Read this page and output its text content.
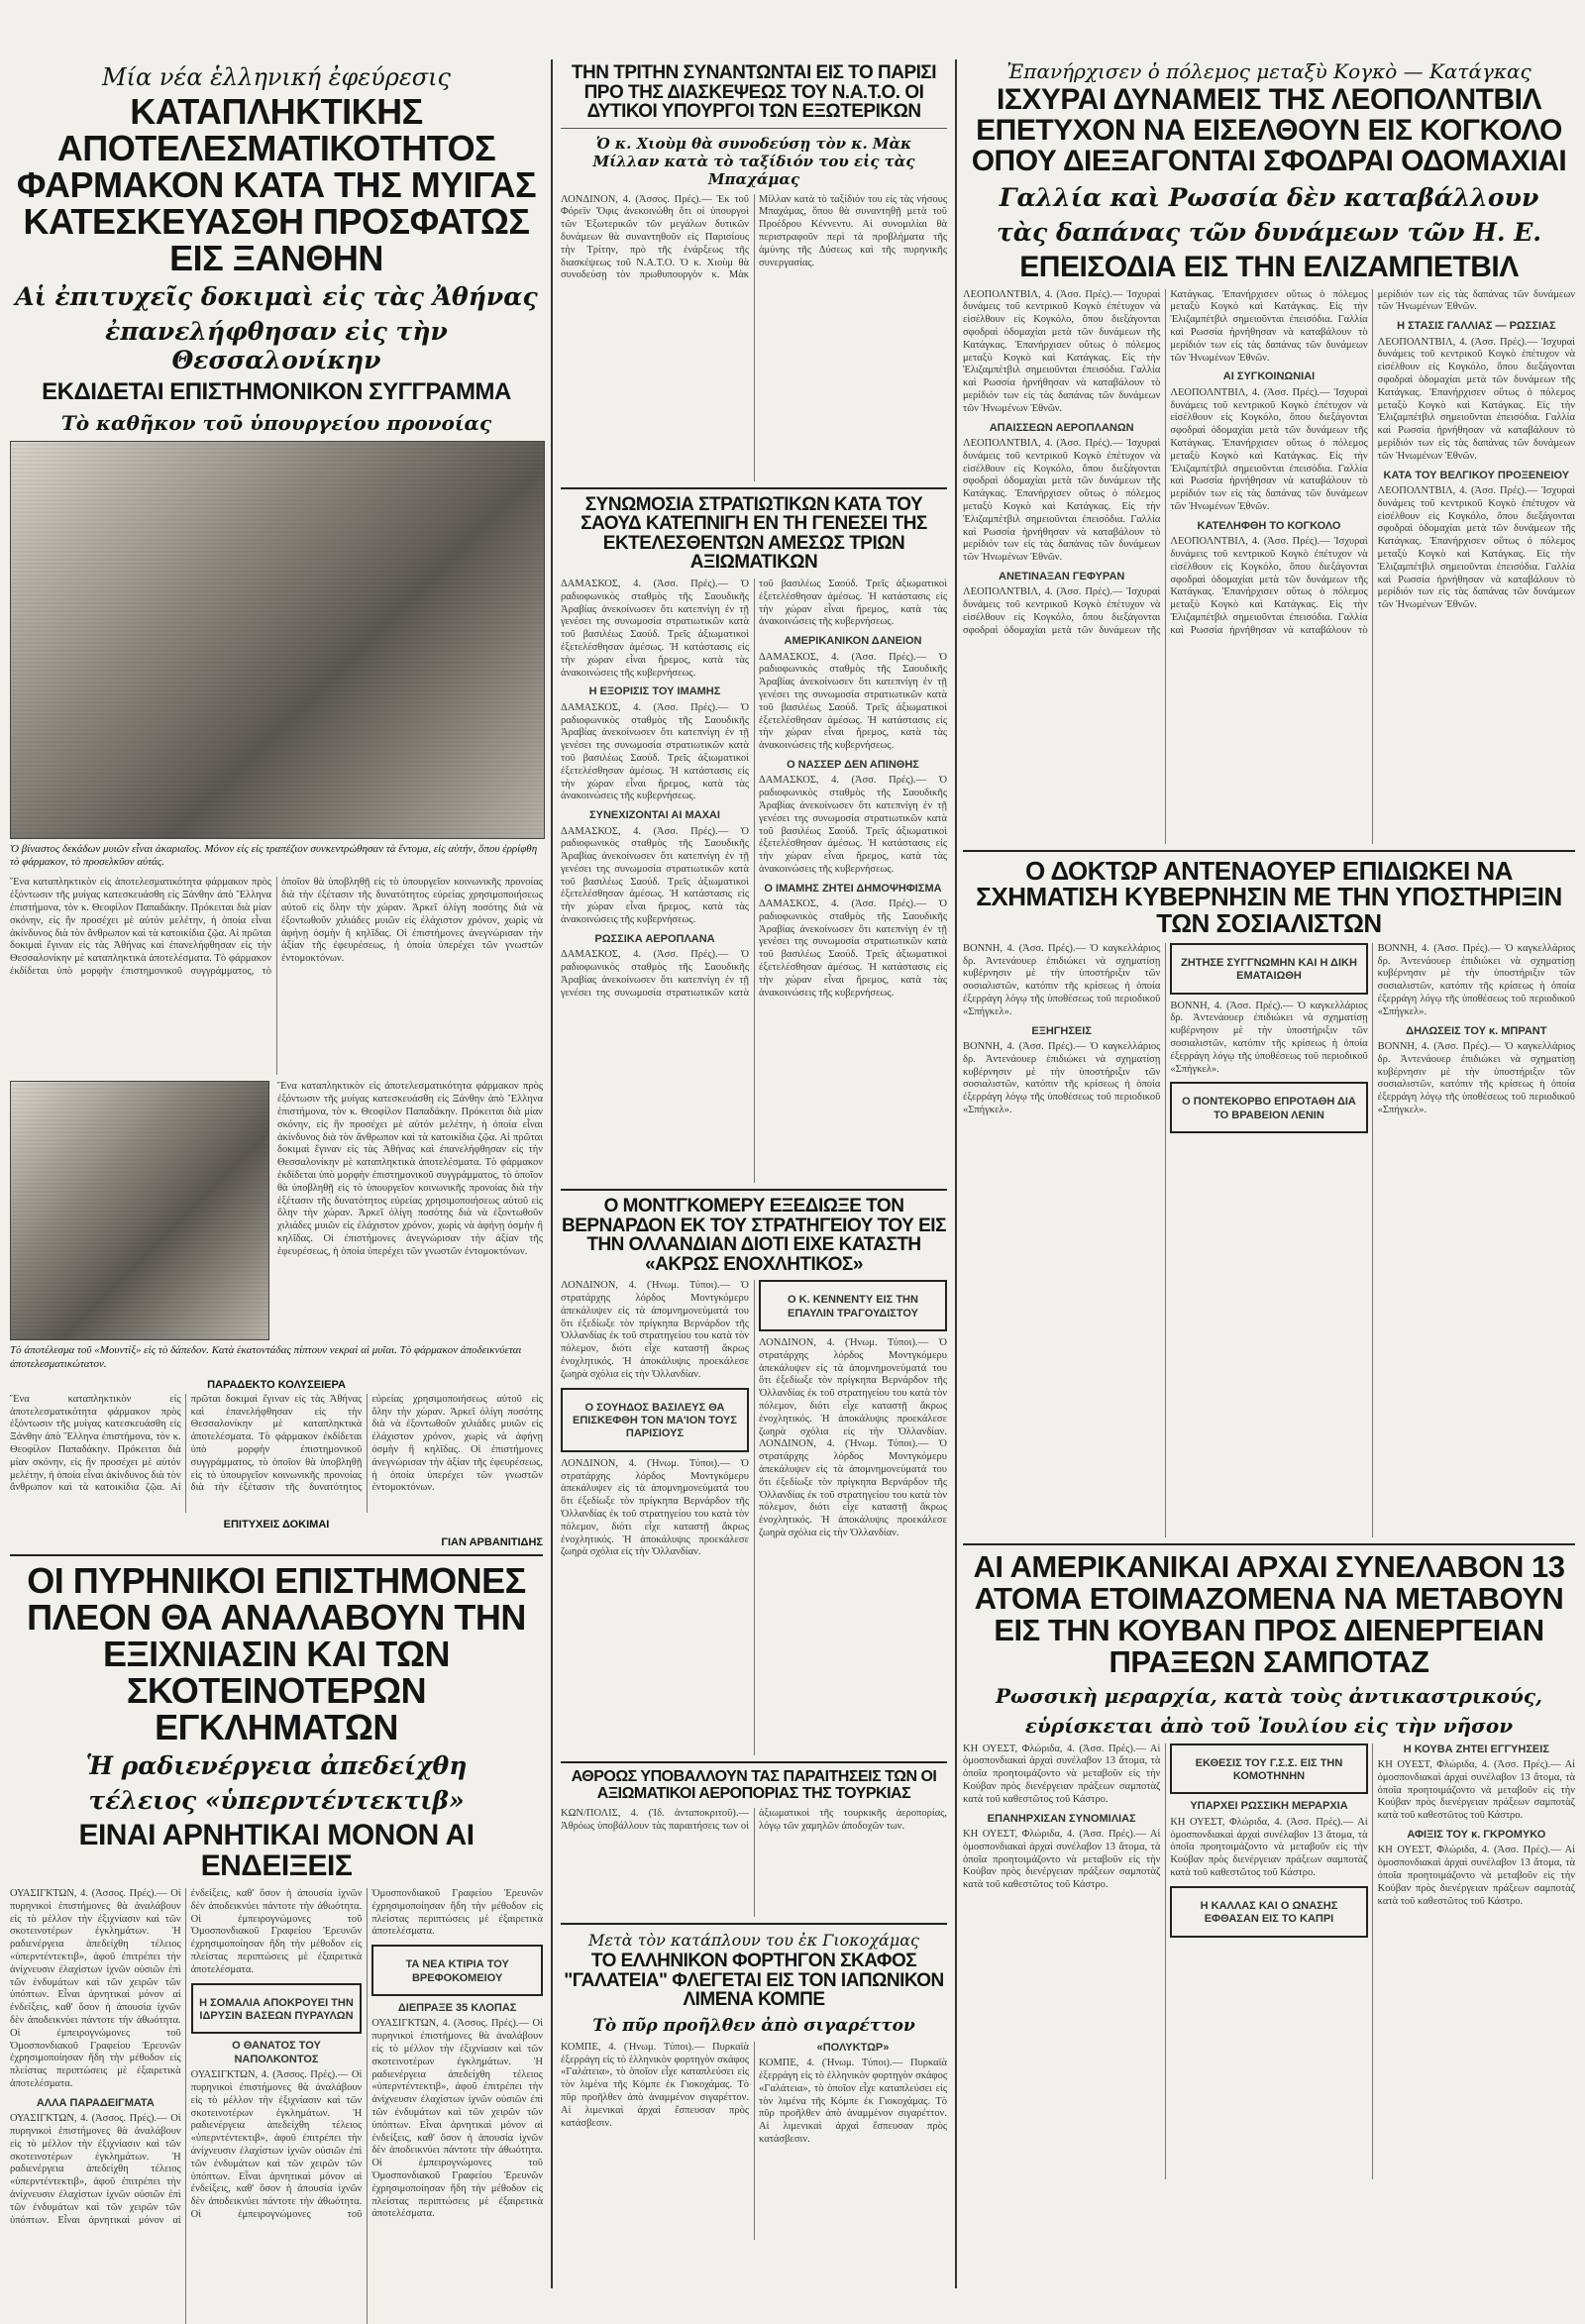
Μία νέα ἑλληνική ἐφεύρεσις
ΚΑΤΑΠΛΗΚΤΙΚΗΣ ΑΠΟΤΕΛΕΣΜΑΤΙΚΟΤΗΤΟΣ ΦΑΡΜΑΚΟΝ ΚΑΤΑ ΤΗΣ ΜΥΙΓΑΣ ΚΑΤΕΣΚΕΥΑΣΘΗ ΠΡΟΣΦΑΤΩΣ ΕΙΣ ΞΑΝΘΗΝ
Αἱ ἐπιτυχεῖς δοκιμαὶ εἰς τὰς Ἀθήνας
ἐπανελήφθησαν εἰς τὴν Θεσσαλονίκην
ΕΚΔΙΔΕΤΑΙ ΕΠΙΣΤΗΜΟΝΙΚΟΝ ΣΥΓΓΡΑΜΜΑ
Τὸ καθῆκον τοῦ ὑπουργείου προνοίας
Ὁ βίναστος δεκάδων μυιῶν εἶναι ἀκαριαῖος. Μόνον εἰς εἰς τραπέζιον συνκεντρώθησαν τὰ ἔντομα, εἰς αὐτήν, ὅπου ἐρρίφθη τὸ φάρμακον, τὸ προσελκῦον αὐτάς.
Ἕνα καταπληκτικὸν εἰς ἀποτελεσματικότητα φάρμακον πρὸς ἐξόντωσιν τῆς μυίγας κατεσκευάσθη εἰς Ξάνθην ἀπὸ Ἕλληνα ἐπιστήμονα, τὸν κ. Θεοφίλον Παπαδάκην. Πρόκειται διὰ μίαν σκόνην, εἰς ἣν προσέχει μὲ αὐτόν μελέτην, ἡ ὁποία εἶναι ἀκίνδυνος διὰ τὸν ἄνθρωπον καὶ τὰ κατοικίδια ζῷα. Αἱ πρῶται δοκιμαὶ ἔγιναν εἰς τὰς Ἀθήνας καὶ ἐπανελήφθησαν εἰς τὴν Θεσσαλονίκην μὲ καταπληκτικὰ ἀποτελέσματα. Τὸ φάρμακον ἐκδίδεται ὑπὸ μορφὴν ἐπιστημονικοῦ συγγράμματος, τὸ ὁποῖον θὰ ὑποβληθῇ εἰς τὸ ὑπουργεῖον κοινωνικῆς προνοίας διὰ τὴν ἐξέτασιν τῆς δυνατότητος εὐρείας χρησιμοποιήσεως αὐτοῦ εἰς ὅλην τὴν χώραν. Ἀρκεῖ ὀλίγη ποσότης διὰ νὰ ἐξοντωθοῦν χιλιάδες μυιῶν εἰς ἐλάχιστον χρόνον, χωρὶς νὰ ἀφήνῃ ὀσμὴν ἢ κηλῖδας. Οἱ ἐπιστήμονες ἀνεγνώρισαν τὴν ἀξίαν τῆς ἐφευρέσεως, ἡ ὁποία ὑπερέχει τῶν γνωστῶν ἐντομοκτόνων.
Ἕνα καταπληκτικὸν εἰς ἀποτελεσματικότητα φάρμακον πρὸς ἐξόντωσιν τῆς μυίγας κατεσκευάσθη εἰς Ξάνθην ἀπὸ Ἕλληνα ἐπιστήμονα, τὸν κ. Θεοφίλον Παπαδάκην. Πρόκειται διὰ μίαν σκόνην, εἰς ἣν προσέχει μὲ αὐτόν μελέτην, ἡ ὁποία εἶναι ἀκίνδυνος διὰ τὸν ἄνθρωπον καὶ τὰ κατοικίδια ζῷα. Αἱ πρῶται δοκιμαὶ ἔγιναν εἰς τὰς Ἀθήνας καὶ ἐπανελήφθησαν εἰς τὴν Θεσσαλονίκην μὲ καταπληκτικὰ ἀποτελέσματα. Τὸ φάρμακον ἐκδίδεται ὑπὸ μορφὴν ἐπιστημονικοῦ συγγράμματος, τὸ ὁποῖον θὰ ὑποβληθῇ εἰς τὸ ὑπουργεῖον κοινωνικῆς προνοίας διὰ τὴν ἐξέτασιν τῆς δυνατότητος εὐρείας χρησιμοποιήσεως αὐτοῦ εἰς ὅλην τὴν χώραν. Ἀρκεῖ ὀλίγη ποσότης διὰ νὰ ἐξοντωθοῦν χιλιάδες μυιῶν εἰς ἐλάχιστον χρόνον, χωρὶς νὰ ἀφήνῃ ὀσμὴν ἢ κηλῖδας. Οἱ ἐπιστήμονες ἀνεγνώρισαν τὴν ἀξίαν τῆς ἐφευρέσεως, ἡ ὁποία ὑπερέχει τῶν γνωστῶν ἐντομοκτόνων.
Τὸ ἀποτέλεσμα τοῦ «Μουντίξ» εἰς τὸ δάπεδον. Κατὰ ἑκατοντάδας πίπτουν νεκραὶ αἱ μυῖαι. Τὸ φάρμακον ἀποδεικνύεται ἀποτελεσματικώτατον.
ΠΑΡΑΔΕΚΤΟ ΚΟΛΥΣΕΙΕΡΑ
Ἕνα καταπληκτικὸν εἰς ἀποτελεσματικότητα φάρμακον πρὸς ἐξόντωσιν τῆς μυίγας κατεσκευάσθη εἰς Ξάνθην ἀπὸ Ἕλληνα ἐπιστήμονα, τὸν κ. Θεοφίλον Παπαδάκην. Πρόκειται διὰ μίαν σκόνην, εἰς ἣν προσέχει μὲ αὐτόν μελέτην, ἡ ὁποία εἶναι ἀκίνδυνος διὰ τὸν ἄνθρωπον καὶ τὰ κατοικίδια ζῷα. Αἱ πρῶται δοκιμαὶ ἔγιναν εἰς τὰς Ἀθήνας καὶ ἐπανελήφθησαν εἰς τὴν Θεσσαλονίκην μὲ καταπληκτικὰ ἀποτελέσματα. Τὸ φάρμακον ἐκδίδεται ὑπὸ μορφὴν ἐπιστημονικοῦ συγγράμματος, τὸ ὁποῖον θὰ ὑποβληθῇ εἰς τὸ ὑπουργεῖον κοινωνικῆς προνοίας διὰ τὴν ἐξέτασιν τῆς δυνατότητος εὐρείας χρησιμοποιήσεως αὐτοῦ εἰς ὅλην τὴν χώραν. Ἀρκεῖ ὀλίγη ποσότης διὰ νὰ ἐξοντωθοῦν χιλιάδες μυιῶν εἰς ἐλάχιστον χρόνον, χωρὶς νὰ ἀφήνῃ ὀσμὴν ἢ κηλῖδας. Οἱ ἐπιστήμονες ἀνεγνώρισαν τὴν ἀξίαν τῆς ἐφευρέσεως, ἡ ὁποία ὑπερέχει τῶν γνωστῶν ἐντομοκτόνων.
ΕΠΙΤΥΧΕΙΣ ΔΟΚΙΜΑΙ
ΓΙΑΝ ΑΡΒΑΝΙΤΙΔΗΣ
ΟΙ ΠΥΡΗΝΙΚΟΙ ΕΠΙΣΤΗΜΟΝΕΣ ΠΛΕΟΝ ΘΑ ΑΝΑΛΑΒΟΥΝ ΤΗΝ ΕΞΙΧΝΙΑΣΙΝ ΚΑΙ ΤΩΝ ΣΚΟΤΕΙΝΟΤΕΡΩΝ ΕΓΚΛΗΜΑΤΩΝ
Ἡ ραδιενέργεια ἀπεδείχθη
τέλειος «ὑπερντέντεκτιβ»
ΕΙΝΑΙ ΑΡΝΗΤΙΚΑΙ ΜΟΝΟΝ ΑΙ ΕΝΔΕΙΞΕΙΣ
ΟΥΑΣΙΓΚΤΩΝ, 4. (Ἀσσος. Πρές).— Οἱ πυρηνικοὶ ἐπιστήμονες θὰ ἀναλάβουν εἰς τὸ μέλλον τὴν ἐξιχνίασιν καὶ τῶν σκοτεινοτέρων ἐγκλημάτων. Ἡ ραδιενέργεια ἀπεδείχθη τέλειος «ὑπερντέντεκτιβ», ἀφοῦ ἐπιτρέπει τὴν ἀνίχνευσιν ἐλαχίστων ἰχνῶν οὐσιῶν ἐπὶ τῶν ἐνδυμάτων καὶ τῶν χειρῶν τῶν ὑπόπτων. Εἶναι ἀρνητικαὶ μόνον αἱ ἐνδείξεις, καθ' ὅσον ἡ ἀπουσία ἰχνῶν δὲν ἀποδεικνύει πάντοτε τὴν ἀθωότητα. Οἱ ἐμπειρογνώμονες τοῦ Ὁμοσπονδιακοῦ Γραφείου Ἐρευνῶν ἐχρησιμοποίησαν ἤδη τὴν μέθοδον εἰς πλείστας περιπτώσεις μὲ ἐξαιρετικὰ ἀποτελέσματα.
ΑΛΛΑ ΠΑΡΑΔΕΙΓΜΑΤΑ
ΟΥΑΣΙΓΚΤΩΝ, 4. (Ἀσσος. Πρές).— Οἱ πυρηνικοὶ ἐπιστήμονες θὰ ἀναλάβουν εἰς τὸ μέλλον τὴν ἐξιχνίασιν καὶ τῶν σκοτεινοτέρων ἐγκλημάτων. Ἡ ραδιενέργεια ἀπεδείχθη τέλειος «ὑπερντέντεκτιβ», ἀφοῦ ἐπιτρέπει τὴν ἀνίχνευσιν ἐλαχίστων ἰχνῶν οὐσιῶν ἐπὶ τῶν ἐνδυμάτων καὶ τῶν χειρῶν τῶν ὑπόπτων. Εἶναι ἀρνητικαὶ μόνον αἱ ἐνδείξεις, καθ' ὅσον ἡ ἀπουσία ἰχνῶν δὲν ἀποδεικνύει πάντοτε τὴν ἀθωότητα. Οἱ ἐμπειρογνώμονες τοῦ Ὁμοσπονδιακοῦ Γραφείου Ἐρευνῶν ἐχρησιμοποίησαν ἤδη τὴν μέθοδον εἰς πλείστας περιπτώσεις μὲ ἐξαιρετικὰ ἀποτελέσματα.
Η ΣΟΜΑΛΙΑ ΑΠΟΚΡΟΥΕΙ ΤΗΝ ΙΔΡΥΣΙΝ ΒΑΣΕΩΝ ΠΥΡΑΥΛΩΝ
Ο ΘΑΝΑΤΟΣ ΤΟΥ ΝΑΠΟΛΚΟΝΤΟΣ
ΟΥΑΣΙΓΚΤΩΝ, 4. (Ἀσσος. Πρές).— Οἱ πυρηνικοὶ ἐπιστήμονες θὰ ἀναλάβουν εἰς τὸ μέλλον τὴν ἐξιχνίασιν καὶ τῶν σκοτεινοτέρων ἐγκλημάτων. Ἡ ραδιενέργεια ἀπεδείχθη τέλειος «ὑπερντέντεκτιβ», ἀφοῦ ἐπιτρέπει τὴν ἀνίχνευσιν ἐλαχίστων ἰχνῶν οὐσιῶν ἐπὶ τῶν ἐνδυμάτων καὶ τῶν χειρῶν τῶν ὑπόπτων. Εἶναι ἀρνητικαὶ μόνον αἱ ἐνδείξεις, καθ' ὅσον ἡ ἀπουσία ἰχνῶν δὲν ἀποδεικνύει πάντοτε τὴν ἀθωότητα. Οἱ ἐμπειρογνώμονες τοῦ Ὁμοσπονδιακοῦ Γραφείου Ἐρευνῶν ἐχρησιμοποίησαν ἤδη τὴν μέθοδον εἰς πλείστας περιπτώσεις μὲ ἐξαιρετικὰ ἀποτελέσματα.
ΤΑ ΝΕΑ ΚΤΙΡΙΑ ΤΟΥ ΒΡΕΦΟΚΟΜΕΙΟΥ
ΔΙΕΠΡΑΞΕ 35 ΚΛΟΠΑΣ
ΟΥΑΣΙΓΚΤΩΝ, 4. (Ἀσσος. Πρές).— Οἱ πυρηνικοὶ ἐπιστήμονες θὰ ἀναλάβουν εἰς τὸ μέλλον τὴν ἐξιχνίασιν καὶ τῶν σκοτεινοτέρων ἐγκλημάτων. Ἡ ραδιενέργεια ἀπεδείχθη τέλειος «ὑπερντέντεκτιβ», ἀφοῦ ἐπιτρέπει τὴν ἀνίχνευσιν ἐλαχίστων ἰχνῶν οὐσιῶν ἐπὶ τῶν ἐνδυμάτων καὶ τῶν χειρῶν τῶν ὑπόπτων. Εἶναι ἀρνητικαὶ μόνον αἱ ἐνδείξεις, καθ' ὅσον ἡ ἀπουσία ἰχνῶν δὲν ἀποδεικνύει πάντοτε τὴν ἀθωότητα. Οἱ ἐμπειρογνώμονες τοῦ Ὁμοσπονδιακοῦ Γραφείου Ἐρευνῶν ἐχρησιμοποίησαν ἤδη τὴν μέθοδον εἰς πλείστας περιπτώσεις μὲ ἐξαιρετικὰ ἀποτελέσματα.
ΤΗΝ ΤΡΙΤΗΝ ΣΥΝΑΝΤΩΝΤΑΙ ΕΙΣ ΤΟ ΠΑΡΙΣΙ ΠΡΟ ΤΗΣ ΔΙΑΣΚΕΨΕΩΣ ΤΟΥ Ν.Α.Τ.Ο. ΟΙ ΔΥΤΙΚΟΙ ΥΠΟΥΡΓΟΙ ΤΩΝ ΕΞΩΤΕΡΙΚΩΝ
Ὁ κ. Χιοὺμ θὰ συνοδεύσῃ τὸν κ. Μὰκ Μίλλαν κατὰ τὸ ταξίδιόν του εἰς τὰς Μπαχάμας
ΛΟΝΔΙΝΟΝ, 4. (Ἀσσος. Πρές).— Ἐκ τοῦ Φόρεϊν Ὄφις ἀνεκοινώθη ὅτι οἱ ὑπουργοὶ τῶν Ἐξωτερικῶν τῶν μεγάλων δυτικῶν δυνάμεων θὰ συναντηθοῦν εἰς Παρισίους τὴν Τρίτην, πρὸ τῆς ἐνάρξεως τῆς διασκέψεως τοῦ Ν.Α.Τ.Ο. Ὁ κ. Χιοὺμ θὰ συνοδεύσῃ τὸν πρωθυπουργὸν κ. Μὰκ Μίλλαν κατὰ τὸ ταξίδιόν του εἰς τὰς νήσους Μπαχάμας, ὅπου θὰ συναντηθῇ μετὰ τοῦ Προέδρου Κέννεντυ. Αἱ συνομιλίαι θὰ περιστραφοῦν περὶ τὰ προβλήματα τῆς ἀμύνης τῆς Δύσεως καὶ τῆς πυρηνικῆς συνεργασίας.
ΣΥΝΩΜΟΣΙΑ ΣΤΡΑΤΙΩΤΙΚΩΝ ΚΑΤΑ ΤΟΥ ΣΑΟΥΔ ΚΑΤΕΠΝΙΓΗ ΕΝ ΤΗ ΓΕΝΕΣΕΙ ΤΗΣ ΕΚΤΕΛΕΣΘΕΝΤΩΝ ΑΜΕΣΩΣ ΤΡΙΩΝ ΑΞΙΩΜΑΤΙΚΩΝ
ΔΑΜΑΣΚΟΣ, 4. (Ἀσσ. Πρές).— Ὁ ραδιοφωνικὸς σταθμὸς τῆς Σαουδικῆς Ἀραβίας ἀνεκοίνωσεν ὅτι κατεπνίγη ἐν τῇ γενέσει της συνωμοσία στρατιωτικῶν κατὰ τοῦ βασιλέως Σαούδ. Τρεῖς ἀξιωματικοὶ ἐξετελέσθησαν ἀμέσως. Ἡ κατάστασις εἰς τὴν χώραν εἶναι ἤρεμος, κατὰ τὰς ἀνακοινώσεις τῆς κυβερνήσεως.
Η ΕΞΟΡΙΣΙΣ ΤΟΥ ΙΜΑΜΗΣ
ΔΑΜΑΣΚΟΣ, 4. (Ἀσσ. Πρές).— Ὁ ραδιοφωνικὸς σταθμὸς τῆς Σαουδικῆς Ἀραβίας ἀνεκοίνωσεν ὅτι κατεπνίγη ἐν τῇ γενέσει της συνωμοσία στρατιωτικῶν κατὰ τοῦ βασιλέως Σαούδ. Τρεῖς ἀξιωματικοὶ ἐξετελέσθησαν ἀμέσως. Ἡ κατάστασις εἰς τὴν χώραν εἶναι ἤρεμος, κατὰ τὰς ἀνακοινώσεις τῆς κυβερνήσεως.
ΣΥΝΕΧΙΖΟΝΤΑΙ ΑΙ ΜΑΧΑΙ
ΔΑΜΑΣΚΟΣ, 4. (Ἀσσ. Πρές).— Ὁ ραδιοφωνικὸς σταθμὸς τῆς Σαουδικῆς Ἀραβίας ἀνεκοίνωσεν ὅτι κατεπνίγη ἐν τῇ γενέσει της συνωμοσία στρατιωτικῶν κατὰ τοῦ βασιλέως Σαούδ. Τρεῖς ἀξιωματικοὶ ἐξετελέσθησαν ἀμέσως. Ἡ κατάστασις εἰς τὴν χώραν εἶναι ἤρεμος, κατὰ τὰς ἀνακοινώσεις τῆς κυβερνήσεως.
ΡΩΣΣΙΚΑ ΑΕΡΟΠΛΑΝΑ
ΔΑΜΑΣΚΟΣ, 4. (Ἀσσ. Πρές).— Ὁ ραδιοφωνικὸς σταθμὸς τῆς Σαουδικῆς Ἀραβίας ἀνεκοίνωσεν ὅτι κατεπνίγη ἐν τῇ γενέσει της συνωμοσία στρατιωτικῶν κατὰ τοῦ βασιλέως Σαούδ. Τρεῖς ἀξιωματικοὶ ἐξετελέσθησαν ἀμέσως. Ἡ κατάστασις εἰς τὴν χώραν εἶναι ἤρεμος, κατὰ τὰς ἀνακοινώσεις τῆς κυβερνήσεως.
ΑΜΕΡΙΚΑΝΙΚΟΝ ΔΑΝΕΙΟΝ
ΔΑΜΑΣΚΟΣ, 4. (Ἀσσ. Πρές).— Ὁ ραδιοφωνικὸς σταθμὸς τῆς Σαουδικῆς Ἀραβίας ἀνεκοίνωσεν ὅτι κατεπνίγη ἐν τῇ γενέσει της συνωμοσία στρατιωτικῶν κατὰ τοῦ βασιλέως Σαούδ. Τρεῖς ἀξιωματικοὶ ἐξετελέσθησαν ἀμέσως. Ἡ κατάστασις εἰς τὴν χώραν εἶναι ἤρεμος, κατὰ τὰς ἀνακοινώσεις τῆς κυβερνήσεως.
Ο ΝΑΣΣΕΡ ΔΕΝ ΑΠΙΝΘΗΣ
ΔΑΜΑΣΚΟΣ, 4. (Ἀσσ. Πρές).— Ὁ ραδιοφωνικὸς σταθμὸς τῆς Σαουδικῆς Ἀραβίας ἀνεκοίνωσεν ὅτι κατεπνίγη ἐν τῇ γενέσει της συνωμοσία στρατιωτικῶν κατὰ τοῦ βασιλέως Σαούδ. Τρεῖς ἀξιωματικοὶ ἐξετελέσθησαν ἀμέσως. Ἡ κατάστασις εἰς τὴν χώραν εἶναι ἤρεμος, κατὰ τὰς ἀνακοινώσεις τῆς κυβερνήσεως.
Ο ΙΜΑΜΗΣ ΖΗΤΕΙ ΔΗΜΟΨΗΦΙΣΜΑ
ΔΑΜΑΣΚΟΣ, 4. (Ἀσσ. Πρές).— Ὁ ραδιοφωνικὸς σταθμὸς τῆς Σαουδικῆς Ἀραβίας ἀνεκοίνωσεν ὅτι κατεπνίγη ἐν τῇ γενέσει της συνωμοσία στρατιωτικῶν κατὰ τοῦ βασιλέως Σαούδ. Τρεῖς ἀξιωματικοὶ ἐξετελέσθησαν ἀμέσως. Ἡ κατάστασις εἰς τὴν χώραν εἶναι ἤρεμος, κατὰ τὰς ἀνακοινώσεις τῆς κυβερνήσεως.
Ο ΜΟΝΤΓΚΟΜΕΡΥ ΕΞΕΔΙΩΞΕ ΤΟΝ ΒΕΡΝΑΡΔΟΝ ΕΚ ΤΟΥ ΣΤΡΑΤΗΓΕΙΟΥ ΤΟΥ ΕΙΣ ΤΗΝ ΟΛΛΑΝΔΙΑΝ ΔΙΟΤΙ ΕΙΧΕ ΚΑΤΑΣΤΗ «ΑΚΡΩΣ ΕΝΟΧΛΗΤΙΚΟΣ»
ΛΟΝΔΙΝΟΝ, 4. (Ἠνωμ. Τύποι).— Ὁ στρατάρχης λόρδος Μοντγκόμερυ ἀπεκάλυψεν εἰς τὰ ἀπομνημονεύματά του ὅτι ἐξεδίωξε τὸν πρίγκηπα Βερνάρδον τῆς Ὀλλανδίας ἐκ τοῦ στρατηγείου του κατὰ τὸν πόλεμον, διότι εἶχε καταστῇ ἄκρως ἐνοχλητικός. Ἡ ἀποκάλυψις προεκάλεσε ζωηρὰ σχόλια εἰς τὴν Ὀλλανδίαν.
Ο ΣΟΥΗΔΟΣ ΒΑΣΙΛΕΥΣ ΘΑ ΕΠΙΣΚΕΦΘΗ ΤΟΝ ΜΑ'ΙΟΝ ΤΟΥΣ ΠΑΡΙΣΙΟΥΣ
ΛΟΝΔΙΝΟΝ, 4. (Ἠνωμ. Τύποι).— Ὁ στρατάρχης λόρδος Μοντγκόμερυ ἀπεκάλυψεν εἰς τὰ ἀπομνημονεύματά του ὅτι ἐξεδίωξε τὸν πρίγκηπα Βερνάρδον τῆς Ὀλλανδίας ἐκ τοῦ στρατηγείου του κατὰ τὸν πόλεμον, διότι εἶχε καταστῇ ἄκρως ἐνοχλητικός. Ἡ ἀποκάλυψις προεκάλεσε ζωηρὰ σχόλια εἰς τὴν Ὀλλανδίαν.
Ο Κ. ΚΕΝΝΕΝΤΥ ΕΙΣ ΤΗΝ ΕΠΑΥΛΙΝ ΤΡΑΓΟΥΔΙΣΤΟΥ
ΛΟΝΔΙΝΟΝ, 4. (Ἠνωμ. Τύποι).— Ὁ στρατάρχης λόρδος Μοντγκόμερυ ἀπεκάλυψεν εἰς τὰ ἀπομνημονεύματά του ὅτι ἐξεδίωξε τὸν πρίγκηπα Βερνάρδον τῆς Ὀλλανδίας ἐκ τοῦ στρατηγείου του κατὰ τὸν πόλεμον, διότι εἶχε καταστῇ ἄκρως ἐνοχλητικός. Ἡ ἀποκάλυψις προεκάλεσε ζωηρὰ σχόλια εἰς τὴν Ὀλλανδίαν. ΛΟΝΔΙΝΟΝ, 4. (Ἠνωμ. Τύποι).— Ὁ στρατάρχης λόρδος Μοντγκόμερυ ἀπεκάλυψεν εἰς τὰ ἀπομνημονεύματά του ὅτι ἐξεδίωξε τὸν πρίγκηπα Βερνάρδον τῆς Ὀλλανδίας ἐκ τοῦ στρατηγείου του κατὰ τὸν πόλεμον, διότι εἶχε καταστῇ ἄκρως ἐνοχλητικός. Ἡ ἀποκάλυψις προεκάλεσε ζωηρὰ σχόλια εἰς τὴν Ὀλλανδίαν.
ΑΘΡΟΩΣ ΥΠΟΒΑΛΛΟΥΝ ΤΑΣ ΠΑΡΑΙΤΗΣΕΙΣ ΤΩΝ ΟΙ ΑΞΙΩΜΑΤΙΚΟΙ ΑΕΡΟΠΟΡΙΑΣ ΤΗΣ ΤΟΥΡΚΙΑΣ
ΚΩΝ/ΠΟΛΙΣ, 4. (Ἰδ. ἀνταποκριτοῦ).— Ἀθρόως ὑποβάλλουν τὰς παραιτήσεις των οἱ ἀξιωματικοὶ τῆς τουρκικῆς ἀεροπορίας, λόγῳ τῶν χαμηλῶν ἀποδοχῶν των.
Μετὰ τὸν κατάπλουν του ἐκ Γιοκοχάμας
ΤΟ ΕΛΛΗΝΙΚΟΝ ΦΟΡΤΗΓΟΝ ΣΚΑΦΟΣ "ΓΑΛΑΤΕΙΑ" ΦΛΕΓΕΤΑΙ ΕΙΣ ΤΟΝ ΙΑΠΩΝΙΚΟΝ ΛΙΜΕΝΑ ΚΟΜΠΕ
Τὸ πῦρ προῆλθεν ἀπὸ σιγαρέττον
ΚΟΜΠΕ, 4. (Ἠνωμ. Τύποι).— Πυρκαϊὰ ἐξερράγη εἰς τὸ ἑλληνικὸν φορτηγὸν σκάφος «Γαλάτεια», τὸ ὁποῖον εἶχε καταπλεύσει εἰς τὸν λιμένα τῆς Κόμπε ἐκ Γιοκοχάμας. Τὸ πῦρ προῆλθεν ἀπὸ ἀναμμένον σιγαρέττον. Αἱ λιμενικαὶ ἀρχαὶ ἔσπευσαν πρὸς κατάσβεσιν.
«ΠΟΛΥΚΤΩΡ»
ΚΟΜΠΕ, 4. (Ἠνωμ. Τύποι).— Πυρκαϊὰ ἐξερράγη εἰς τὸ ἑλληνικὸν φορτηγὸν σκάφος «Γαλάτεια», τὸ ὁποῖον εἶχε καταπλεύσει εἰς τὸν λιμένα τῆς Κόμπε ἐκ Γιοκοχάμας. Τὸ πῦρ προῆλθεν ἀπὸ ἀναμμένον σιγαρέττον. Αἱ λιμενικαὶ ἀρχαὶ ἔσπευσαν πρὸς κατάσβεσιν.
Ἐπανήρχισεν ὁ πόλεμος μεταξὺ Κογκὸ — Κατάγκας
ΙΣΧΥΡΑΙ ΔΥΝΑΜΕΙΣ ΤΗΣ ΛΕΟΠΟΛΝΤΒΙΛ ΕΠΕΤΥΧΟΝ ΝΑ ΕΙΣΕΛΘΟΥΝ ΕΙΣ ΚΟΓΚΟΛΟ ΟΠΟΥ ΔΙΕΞΑΓΟΝΤΑΙ ΣΦΟΔΡΑΙ ΟΔΟΜΑΧΙΑΙ
Γαλλία καὶ Ρωσσία δὲν καταβάλλουν
τὰς δαπάνας τῶν δυνάμεων τῶν Η. Ε.
ΕΠΕΙΣΟΔΙΑ ΕΙΣ ΤΗΝ ΕΛΙΖΑΜΠΕΤΒΙΛ
ΛΕΟΠΟΛΝΤΒΙΛ, 4. (Ἀσσ. Πρές).— Ἰσχυραὶ δυνάμεις τοῦ κεντρικοῦ Κογκὸ ἐπέτυχον νὰ εἰσέλθουν εἰς Κογκόλο, ὅπου διεξάγονται σφοδραὶ ὁδομαχίαι μετὰ τῶν δυνάμεων τῆς Κατάγκας. Ἐπανήρχισεν οὕτως ὁ πόλεμος μεταξὺ Κογκὸ καὶ Κατάγκας. Εἰς τὴν Ἐλιζαμπέτβιλ σημειοῦνται ἐπεισόδια. Γαλλία καὶ Ρωσσία ἠρνήθησαν νὰ καταβάλουν τὸ μερίδιόν των εἰς τὰς δαπάνας τῶν δυνάμεων τῶν Ἡνωμένων Ἐθνῶν.
ΑΠΑΙΣΣΕΩΝ ΑΕΡΟΠΛΑΝΩΝ
ΛΕΟΠΟΛΝΤΒΙΛ, 4. (Ἀσσ. Πρές).— Ἰσχυραὶ δυνάμεις τοῦ κεντρικοῦ Κογκὸ ἐπέτυχον νὰ εἰσέλθουν εἰς Κογκόλο, ὅπου διεξάγονται σφοδραὶ ὁδομαχίαι μετὰ τῶν δυνάμεων τῆς Κατάγκας. Ἐπανήρχισεν οὕτως ὁ πόλεμος μεταξὺ Κογκὸ καὶ Κατάγκας. Εἰς τὴν Ἐλιζαμπέτβιλ σημειοῦνται ἐπεισόδια. Γαλλία καὶ Ρωσσία ἠρνήθησαν νὰ καταβάλουν τὸ μερίδιόν των εἰς τὰς δαπάνας τῶν δυνάμεων τῶν Ἡνωμένων Ἐθνῶν.
ΑΝΕΤΙΝΑΞΑΝ ΓΕΦΥΡΑΝ
ΛΕΟΠΟΛΝΤΒΙΛ, 4. (Ἀσσ. Πρές).— Ἰσχυραὶ δυνάμεις τοῦ κεντρικοῦ Κογκὸ ἐπέτυχον νὰ εἰσέλθουν εἰς Κογκόλο, ὅπου διεξάγονται σφοδραὶ ὁδομαχίαι μετὰ τῶν δυνάμεων τῆς Κατάγκας. Ἐπανήρχισεν οὕτως ὁ πόλεμος μεταξὺ Κογκὸ καὶ Κατάγκας. Εἰς τὴν Ἐλιζαμπέτβιλ σημειοῦνται ἐπεισόδια. Γαλλία καὶ Ρωσσία ἠρνήθησαν νὰ καταβάλουν τὸ μερίδιόν των εἰς τὰς δαπάνας τῶν δυνάμεων τῶν Ἡνωμένων Ἐθνῶν.
ΑΙ ΣΥΓΚΟΙΝΩΝΙΑΙ
ΛΕΟΠΟΛΝΤΒΙΛ, 4. (Ἀσσ. Πρές).— Ἰσχυραὶ δυνάμεις τοῦ κεντρικοῦ Κογκὸ ἐπέτυχον νὰ εἰσέλθουν εἰς Κογκόλο, ὅπου διεξάγονται σφοδραὶ ὁδομαχίαι μετὰ τῶν δυνάμεων τῆς Κατάγκας. Ἐπανήρχισεν οὕτως ὁ πόλεμος μεταξὺ Κογκὸ καὶ Κατάγκας. Εἰς τὴν Ἐλιζαμπέτβιλ σημειοῦνται ἐπεισόδια. Γαλλία καὶ Ρωσσία ἠρνήθησαν νὰ καταβάλουν τὸ μερίδιόν των εἰς τὰς δαπάνας τῶν δυνάμεων τῶν Ἡνωμένων Ἐθνῶν.
ΚΑΤΕΛΗΦΘΗ ΤΟ ΚΟΓΚΟΛΟ
ΛΕΟΠΟΛΝΤΒΙΛ, 4. (Ἀσσ. Πρές).— Ἰσχυραὶ δυνάμεις τοῦ κεντρικοῦ Κογκὸ ἐπέτυχον νὰ εἰσέλθουν εἰς Κογκόλο, ὅπου διεξάγονται σφοδραὶ ὁδομαχίαι μετὰ τῶν δυνάμεων τῆς Κατάγκας. Ἐπανήρχισεν οὕτως ὁ πόλεμος μεταξὺ Κογκὸ καὶ Κατάγκας. Εἰς τὴν Ἐλιζαμπέτβιλ σημειοῦνται ἐπεισόδια. Γαλλία καὶ Ρωσσία ἠρνήθησαν νὰ καταβάλουν τὸ μερίδιόν των εἰς τὰς δαπάνας τῶν δυνάμεων τῶν Ἡνωμένων Ἐθνῶν.
Η ΣΤΑΣΙΣ ΓΑΛΛΙΑΣ — ΡΩΣΣΙΑΣ
ΛΕΟΠΟΛΝΤΒΙΛ, 4. (Ἀσσ. Πρές).— Ἰσχυραὶ δυνάμεις τοῦ κεντρικοῦ Κογκὸ ἐπέτυχον νὰ εἰσέλθουν εἰς Κογκόλο, ὅπου διεξάγονται σφοδραὶ ὁδομαχίαι μετὰ τῶν δυνάμεων τῆς Κατάγκας. Ἐπανήρχισεν οὕτως ὁ πόλεμος μεταξὺ Κογκὸ καὶ Κατάγκας. Εἰς τὴν Ἐλιζαμπέτβιλ σημειοῦνται ἐπεισόδια. Γαλλία καὶ Ρωσσία ἠρνήθησαν νὰ καταβάλουν τὸ μερίδιόν των εἰς τὰς δαπάνας τῶν δυνάμεων τῶν Ἡνωμένων Ἐθνῶν.
ΚΑΤΑ ΤΟΥ ΒΕΛΓΙΚΟΥ ΠΡΟΞΕΝΕΙΟΥ
ΛΕΟΠΟΛΝΤΒΙΛ, 4. (Ἀσσ. Πρές).— Ἰσχυραὶ δυνάμεις τοῦ κεντρικοῦ Κογκὸ ἐπέτυχον νὰ εἰσέλθουν εἰς Κογκόλο, ὅπου διεξάγονται σφοδραὶ ὁδομαχίαι μετὰ τῶν δυνάμεων τῆς Κατάγκας. Ἐπανήρχισεν οὕτως ὁ πόλεμος μεταξὺ Κογκὸ καὶ Κατάγκας. Εἰς τὴν Ἐλιζαμπέτβιλ σημειοῦνται ἐπεισόδια. Γαλλία καὶ Ρωσσία ἠρνήθησαν νὰ καταβάλουν τὸ μερίδιόν των εἰς τὰς δαπάνας τῶν δυνάμεων τῶν Ἡνωμένων Ἐθνῶν.
Ο ΔΟΚΤΩΡ ΑΝΤΕΝΑΟΥΕΡ ΕΠΙΔΙΩΚΕΙ ΝΑ ΣΧΗΜΑΤΙΣΗ ΚΥΒΕΡΝΗΣΙΝ ΜΕ ΤΗΝ ΥΠΟΣΤΗΡΙΞΙΝ ΤΩΝ ΣΟΣΙΑΛΙΣΤΩΝ
ΒΟΝΝΗ, 4. (Ἀσσ. Πρές).— Ὁ καγκελλάριος δρ. Ἀντενάουερ ἐπιδιώκει νὰ σχηματίσῃ κυβέρνησιν μὲ τὴν ὑποστήριξιν τῶν σοσιαλιστῶν, κατόπιν τῆς κρίσεως ἡ ὁποία ἐξερράγη λόγῳ τῆς ὑποθέσεως τοῦ περιοδικοῦ «Σπήγκελ».
ΕΞΗΓΗΣΕΙΣ
ΒΟΝΝΗ, 4. (Ἀσσ. Πρές).— Ὁ καγκελλάριος δρ. Ἀντενάουερ ἐπιδιώκει νὰ σχηματίσῃ κυβέρνησιν μὲ τὴν ὑποστήριξιν τῶν σοσιαλιστῶν, κατόπιν τῆς κρίσεως ἡ ὁποία ἐξερράγη λόγῳ τῆς ὑποθέσεως τοῦ περιοδικοῦ «Σπήγκελ».
ΖΗΤΗΣΕ ΣΥΓΓΝΩΜΗΝ ΚΑΙ Η ΔΙΚΗ ΕΜΑΤΑΙΩΘΗ
ΒΟΝΝΗ, 4. (Ἀσσ. Πρές).— Ὁ καγκελλάριος δρ. Ἀντενάουερ ἐπιδιώκει νὰ σχηματίσῃ κυβέρνησιν μὲ τὴν ὑποστήριξιν τῶν σοσιαλιστῶν, κατόπιν τῆς κρίσεως ἡ ὁποία ἐξερράγη λόγῳ τῆς ὑποθέσεως τοῦ περιοδικοῦ «Σπήγκελ».
Ο ΠΟΝΤΕΚΟΡΒΟ ΕΠΡΟΤΑΘΗ ΔΙΑ ΤΟ ΒΡΑΒΕΙΟΝ ΛΕΝΙΝ
ΒΟΝΝΗ, 4. (Ἀσσ. Πρές).— Ὁ καγκελλάριος δρ. Ἀντενάουερ ἐπιδιώκει νὰ σχηματίσῃ κυβέρνησιν μὲ τὴν ὑποστήριξιν τῶν σοσιαλιστῶν, κατόπιν τῆς κρίσεως ἡ ὁποία ἐξερράγη λόγῳ τῆς ὑποθέσεως τοῦ περιοδικοῦ «Σπήγκελ».
ΔΗΛΩΣΕΙΣ ΤΟΥ κ. ΜΠΡΑΝΤ
ΒΟΝΝΗ, 4. (Ἀσσ. Πρές).— Ὁ καγκελλάριος δρ. Ἀντενάουερ ἐπιδιώκει νὰ σχηματίσῃ κυβέρνησιν μὲ τὴν ὑποστήριξιν τῶν σοσιαλιστῶν, κατόπιν τῆς κρίσεως ἡ ὁποία ἐξερράγη λόγῳ τῆς ὑποθέσεως τοῦ περιοδικοῦ «Σπήγκελ».
ΑΙ ΑΜΕΡΙΚΑΝΙΚΑΙ ΑΡΧΑΙ ΣΥΝΕΛΑΒΟΝ 13 ΑΤΟΜΑ ΕΤΟΙΜΑΖΟΜΕΝΑ ΝΑ ΜΕΤΑΒΟΥΝ ΕΙΣ ΤΗΝ ΚΟΥΒΑΝ ΠΡΟΣ ΔΙΕΝΕΡΓΕΙΑΝ ΠΡΑΞΕΩΝ ΣΑΜΠΟΤΑΖ
Ρωσσικὴ μεραρχία, κατὰ τοὺς ἀντικαστρικούς,
εὑρίσκεται ἀπὸ τοῦ Ἰουλίου εἰς τὴν νῆσον
ΚΗ ΟΥΕΣΤ, Φλώριδα, 4. (Ἀσσ. Πρές).— Αἱ ὁμοσπονδιακαὶ ἀρχαὶ συνέλαβον 13 ἄτομα, τὰ ὁποῖα προητοιμάζοντο νὰ μεταβοῦν εἰς τὴν Κούβαν πρὸς διενέργειαν πράξεων σαμποτὰζ κατὰ τοῦ καθεστῶτος τοῦ Κάστρο.
ΕΠΑΝΗΡΧΙΣΑΝ ΣΥΝΟΜΙΛΙΑΣ
ΚΗ ΟΥΕΣΤ, Φλώριδα, 4. (Ἀσσ. Πρές).— Αἱ ὁμοσπονδιακαὶ ἀρχαὶ συνέλαβον 13 ἄτομα, τὰ ὁποῖα προητοιμάζοντο νὰ μεταβοῦν εἰς τὴν Κούβαν πρὸς διενέργειαν πράξεων σαμποτὰζ κατὰ τοῦ καθεστῶτος τοῦ Κάστρο.
ΕΚΘΕΣΙΣ ΤΟΥ Γ.Σ.Σ. ΕΙΣ ΤΗΝ ΚΟΜΟΤΗΝΗΝ
ΥΠΑΡΧΕΙ ΡΩΣΣΙΚΗ ΜΕΡΑΡΧΙΑ
ΚΗ ΟΥΕΣΤ, Φλώριδα, 4. (Ἀσσ. Πρές).— Αἱ ὁμοσπονδιακαὶ ἀρχαὶ συνέλαβον 13 ἄτομα, τὰ ὁποῖα προητοιμάζοντο νὰ μεταβοῦν εἰς τὴν Κούβαν πρὸς διενέργειαν πράξεων σαμποτὰζ κατὰ τοῦ καθεστῶτος τοῦ Κάστρο.
Η ΚΑΛΛΑΣ ΚΑΙ Ο ΩΝΑΣΗΣ ΕΦΘΑΣΑΝ ΕΙΣ ΤΟ ΚΑΠΡΙ
Η ΚΟΥΒΑ ΖΗΤΕΙ ΕΓΓΥΗΣΕΙΣ
ΚΗ ΟΥΕΣΤ, Φλώριδα, 4. (Ἀσσ. Πρές).— Αἱ ὁμοσπονδιακαὶ ἀρχαὶ συνέλαβον 13 ἄτομα, τὰ ὁποῖα προητοιμάζοντο νὰ μεταβοῦν εἰς τὴν Κούβαν πρὸς διενέργειαν πράξεων σαμποτὰζ κατὰ τοῦ καθεστῶτος τοῦ Κάστρο.
ΑΦΙΞΙΣ ΤΟΥ κ. ΓΚΡΟΜΥΚΟ
ΚΗ ΟΥΕΣΤ, Φλώριδα, 4. (Ἀσσ. Πρές).— Αἱ ὁμοσπονδιακαὶ ἀρχαὶ συνέλαβον 13 ἄτομα, τὰ ὁποῖα προητοιμάζοντο νὰ μεταβοῦν εἰς τὴν Κούβαν πρὸς διενέργειαν πράξεων σαμποτὰζ κατὰ τοῦ καθεστῶτος τοῦ Κάστρο.
